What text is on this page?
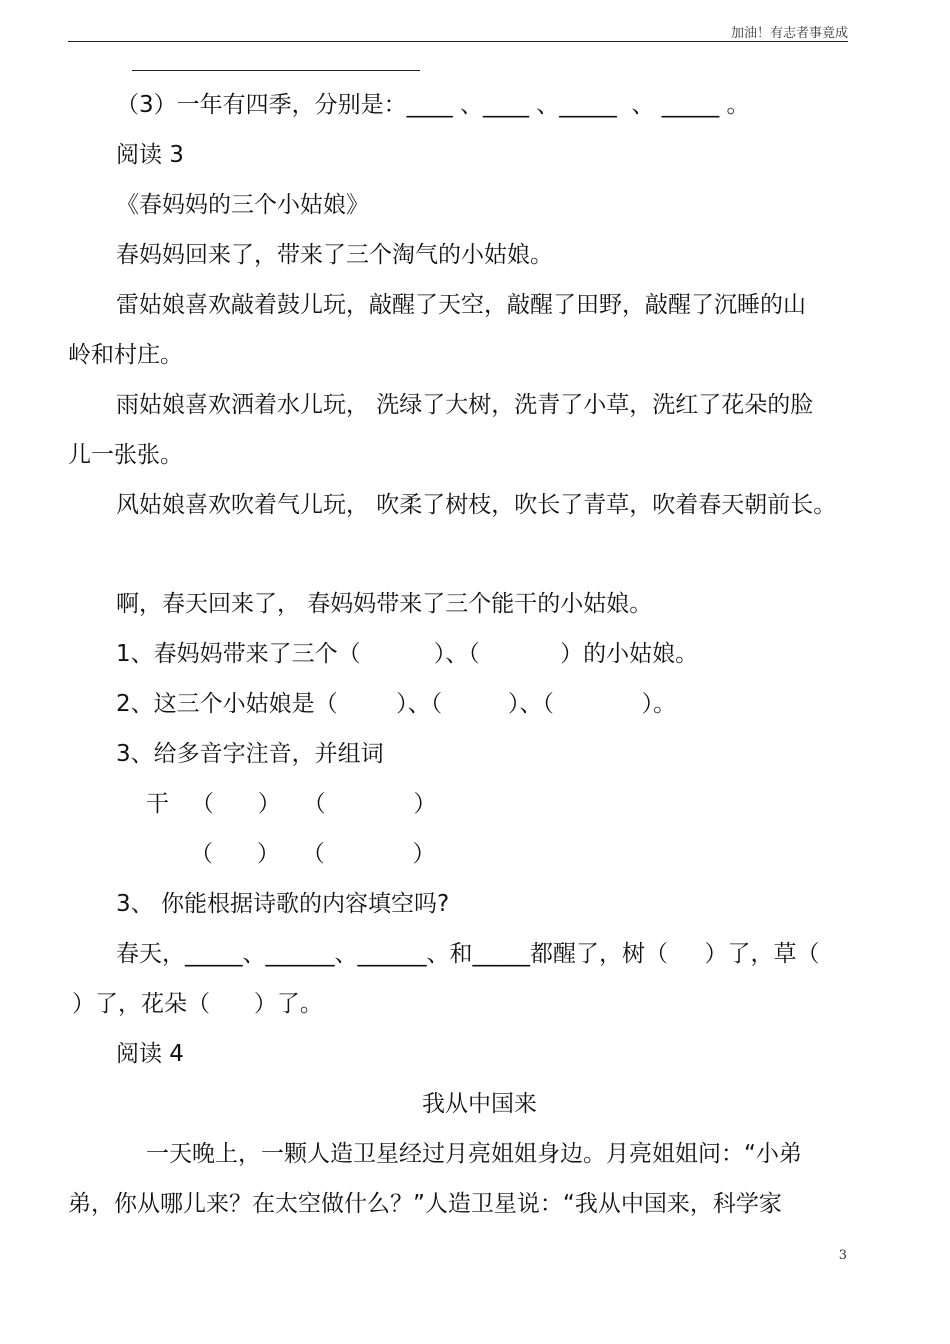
加油！有志者事竟成
（3）一年有四季，分别是：____ 、____ 、_____  、 _____ 。
阅读 3
《春妈妈的三个小姑娘》
春妈妈回来了，带来了三个淘气的小姑娘。
雷姑娘喜欢敲着鼓儿玩，敲醒了天空，敲醒了田野，敲醒了沉睡的山
岭和村庄。
雨姑娘喜欢洒着水儿玩， 洗绿了大树，洗青了小草，洗红了花朵的脸
儿一张张。
风姑娘喜欢吹着气儿玩， 吹柔了树枝，吹长了青草，吹着春天朝前长。
啊，春天回来了， 春妈妈带来了三个能干的小姑娘。
1、春妈妈带来了三个（          ）、（           ）的小姑娘。
2、这三个小姑娘是（        ）、（         ）、（            ）。
3、给多音字注音，并组词
干   （      ）   （            ）
（      ）   （            ）
3、 你能根据诗歌的内容填空吗?
春天，_____、______、______、和_____都醒了，树（     ）了，草（
）了，花朵（      ）了。
阅读 4
我从中国来
一天晚上，一颗人造卫星经过月亮姐姐身边。月亮姐姐问：“小弟
弟，你从哪儿来？在太空做什么？”人造卫星说：“我从中国来，科学家
3
